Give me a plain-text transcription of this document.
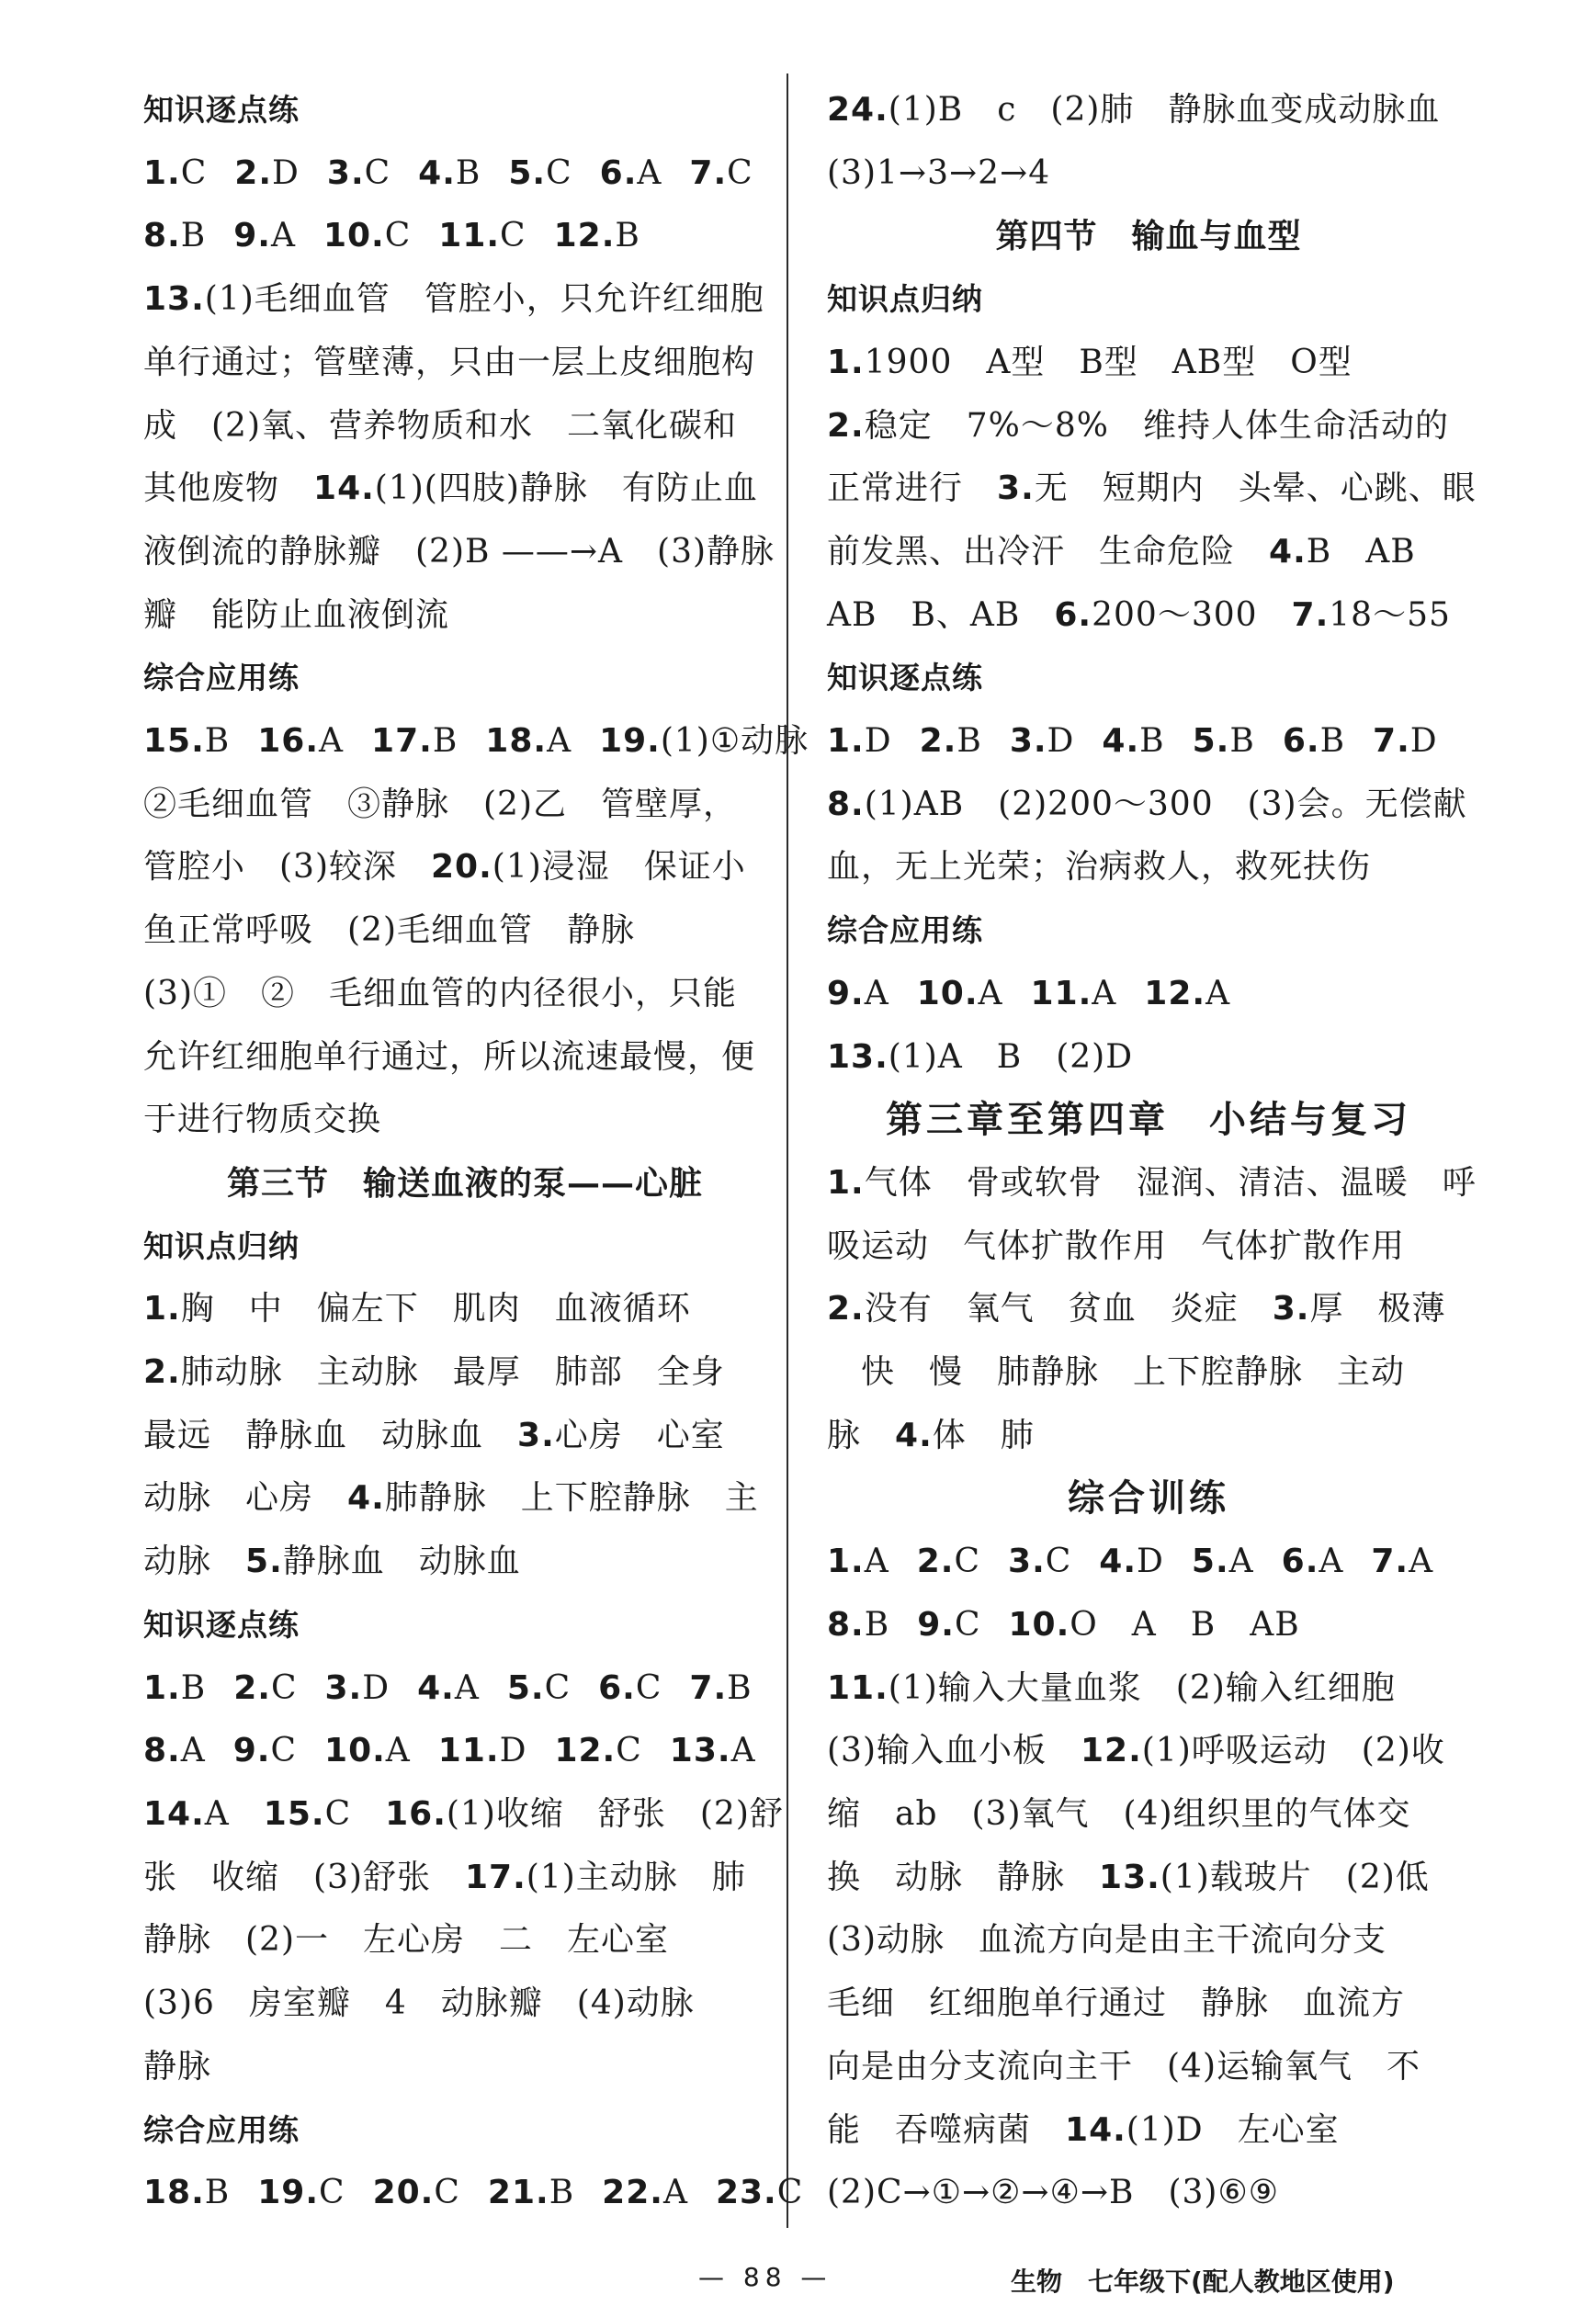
知识逐点练
1.C 2.D 3.C 4.B 5.C 6.A 7.C
8.B 9.A 10.C 11.C 12.B
13.(1)毛细血管　管腔小，只允许红细胞
单行通过；管壁薄，只由一层上皮细胞构
成　(2)氧、营养物质和水　二氧化碳和
其他废物　14.(1)(四肢)静脉　有防止血
液倒流的静脉瓣　(2)B ——→A　(3)静脉
瓣　能防止血液倒流
综合应用练
15.B 16.A 17.B 18.A 19.(1)①动脉
②毛细血管　③静脉　(2)乙　管壁厚，
管腔小　(3)较深　20.(1)浸湿　保证小
鱼正常呼吸　(2)毛细血管　静脉
(3)①　②　毛细血管的内径很小，只能
允许红细胞单行通过，所以流速最慢，便
于进行物质交换
第三节　输送血液的泵——心脏
知识点归纳
1.胸　中　偏左下　肌肉　血液循环
2.肺动脉　主动脉　最厚　肺部　全身
最远　静脉血　动脉血　3.心房　心室
动脉　心房　4.肺静脉　上下腔静脉　主
动脉　5.静脉血　动脉血
知识逐点练
1.B 2.C 3.D 4.A 5.C 6.C 7.B
8.A 9.C 10.A 11.D 12.C 13.A
14.A　15.C　16.(1)收缩　舒张　(2)舒
张　收缩　(3)舒张　17.(1)主动脉　肺
静脉　(2)一　左心房　二　左心室
(3)6　房室瓣　4　动脉瓣　(4)动脉
静脉
综合应用练
18.B 19.C 20.C 21.B 22.A 23.C
24.(1)B　c　(2)肺　静脉血变成动脉血
(3)1→3→2→4
第四节　输血与血型
知识点归纳
1.1900　A型　B型　AB型　O型
2.稳定　7%～8%　维持人体生命活动的
正常进行　3.无　短期内　头晕、心跳、眼
前发黑、出冷汗　生命危险　4.B　AB
AB　B、AB　6.200～300　7.18～55
知识逐点练
1.D 2.B 3.D 4.B 5.B 6.B 7.D
8.(1)AB　(2)200～300　(3)会。无偿献
血，无上光荣；治病救人，救死扶伤
综合应用练
9.A 10.A 11.A 12.A
13.(1)A　B　(2)D
第三章至第四章　小结与复习
1.气体　骨或软骨　湿润、清洁、温暖　呼
吸运动　气体扩散作用　气体扩散作用
2.没有　氧气　贫血　炎症　3.厚　极薄
　快　慢　肺静脉　上下腔静脉　主动
脉　4.体　肺
综合训练
1.A 2.C 3.C 4.D 5.A 6.A 7.A
8.B 9.C 10.O　A　B　AB
11.(1)输入大量血浆　(2)输入红细胞
(3)输入血小板　12.(1)呼吸运动　(2)收
缩　ab　(3)氧气　(4)组织里的气体交
换　动脉　静脉　13.(1)载玻片　(2)低
(3)动脉　血流方向是由主干流向分支
毛细　红细胞单行通过　静脉　血流方
向是由分支流向主干　(4)运输氧气　不
能　吞噬病菌　14.(1)D　左心室
(2)C→①→②→④→B　(3)⑥⑨
— 88 —	生物　七年级下(配人教地区使用)
